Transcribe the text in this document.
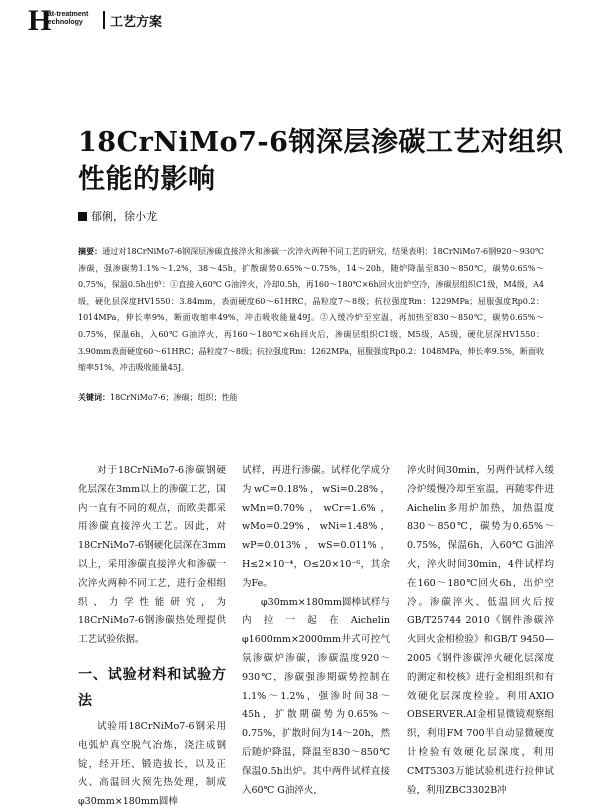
H
eat-treatment
Technology	工艺方案
18CrNiMo7-6钢深层渗碳工艺对组织
性能的影响
郁俐，徐小龙
摘要：通过对18CrNiMo7-6钢深层渗碳直接淬火和渗碳一次淬火两种不同工艺的研究，结果表明：18CrNiMo7-6钢920～930℃渗碳，强渗碳势1.1%～1.2%，38～45h，扩散碳势0.65%～0.75%，14～20h，随炉降温至830～850℃，碳势0.65%～0.75%，保温0.5h出炉：①直接入60℃ G油淬火，冷却0.5h，再160～180℃×6h回火出炉空冷，渗碳层组织C1级，M4级，A4级，硬化层深度HV1550：3.84mm，表面硬度60～61HRC，晶粒度7～8级；抗拉强度Rm：1229MPa；屈服强度Rp0.2：1014MPa，伸长率9%，断面收缩率49%，冲击吸收能量49J。②入缓冷炉至室温，再加热至830～850℃，碳势0.65%～0.75%，保温6h，入60℃ G油淬火，再160～180℃×6h回火后，渗碳层组织C1级，M5级，A5级，硬化层深HV1550：3.90mm表面硬度60～61HRC；晶粒度7～8级；抗拉强度Rm：1262MPa，屈服强度Rp0.2：1048MPa，伸长率9.5%，断面收缩率51%，冲击吸收能量45J。
关键词：18CrNiMo7-6；渗碳；组织；性能

对于18CrNiMo7-6渗碳钢硬化层深在3mm以上的渗碳工艺，国内一直有不同的观点，而欧美都采用渗碳直接淬火工艺。因此，对18CrNiMo7-6钢硬化层深在3mm以上，采用渗碳直接淬火和渗碳一次淬火两种不同工艺，进行金相组织、力学性能研究，为18CrNiMo7-6钢渗碳热处理提供工艺试验依据。

一、试验材料和试验方法

试验用18CrNiMo7-6钢采用电弧炉真空脱气冶炼，浇注成钢锭，经开坯、锻造拔长，以及正火、高温回火预先热处理，制成φ30mm×180mm圆棒

试样，再进行渗碳。试样化学成分为wC=0.18%，wSi=0.28%，wMn=0.70%，wCr=1.6%，wMo=0.29%，wNi=1.48%，wP=0.013%，wS=0.011%，H≤2×10⁻⁴，O≤20×10⁻⁶，其余为Fe。

φ30mm×180mm圆棒试样与内拉一起在Aichelin φ1600mm×2000mm井式可控气氛渗碳炉渗碳，渗碳温度920～930℃，渗碳强渗期碳势控制在1.1%～1.2%，强渗时间38～45h，扩散期碳势为0.65%～0.75%，扩散时间为14～20h，然后随炉降温，降温至830～850℃保温0.5h出炉。其中两件试样直接入60℃ G油淬火，

淬火时间30min，另两件试样入缓冷炉缓慢冷却至室温，再随零件进Aichelin多用炉加热，加热温度830～850℃，碳势为0.65%～0.75%，保温6h，入60℃ G油淬火，淬火时间30min，4件试样均在160～180℃回火6h，出炉空冷。渗碳淬火、低温回火后按GB/T25744 2010《钢件渗碳淬火回火金相检验》和GB/T 9450—2005《钢件渗碳淬火硬化层深度的测定和校核》进行金相组织和有效硬化层深度检验。利用AXIO OBSERVER.AI金相显微镜观察组织，利用FM 700半自动显微硬度计检验有效硬化层深度，利用CMT5303万能试验机进行拉伸试验，利用ZBC3302B冲
